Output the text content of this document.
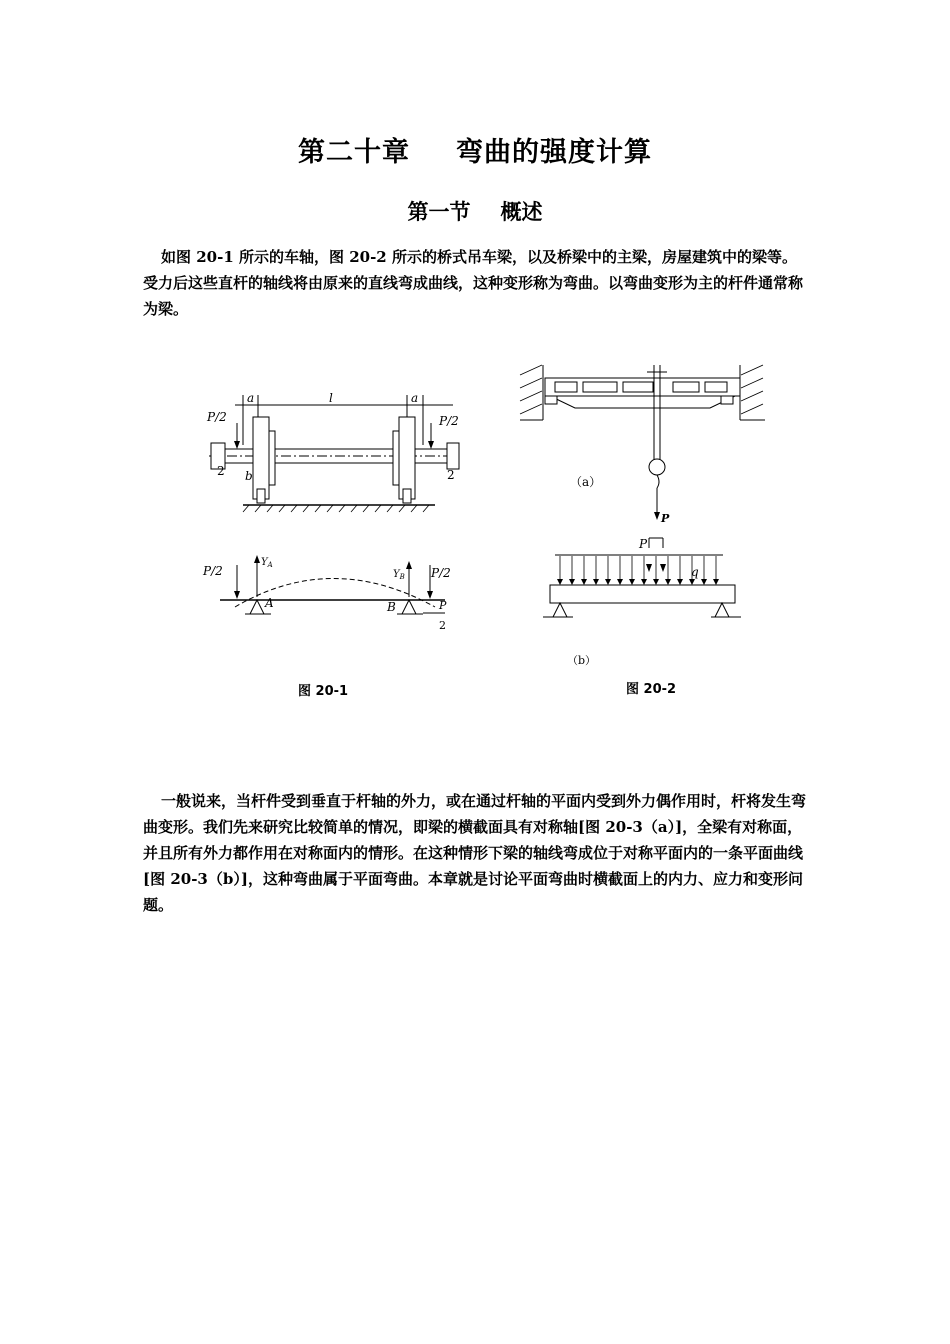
第二十章 弯曲的强度计算
第一节 概述

如图 20-1 所示的车轴，图 20-2 所示的桥式吊车梁，以及桥梁中的主梁，房屋建筑中的梁等。受力后这些直杆的轴线将由原来的直线弯成曲线，这种变形称为弯曲。以弯曲变形为主的杆件通常称为梁。

a	l	a
P/2	P/2
b
2	2
P/2
$Y_A$
$Y_B$ P/2
A	B	P
2
（a）
P
P
q
（b）
图 20-1	图 20-2

一般说来，当杆件受到垂直于杆轴的外力，或在通过杆轴的平面内受到外力偶作用时，杆将发生弯曲变形。我们先来研究比较简单的情况，即梁的横截面具有对称轴[图 20-3（a）]，全梁有对称面，并且所有外力都作用在对称面内的情形。在这种情形下梁的轴线弯成位于对称平面内的一条平面曲线[图 20-3（b）]，这种弯曲属于平面弯曲。本章就是讨论平面弯曲时横截面上的内力、应力和变形问题。
